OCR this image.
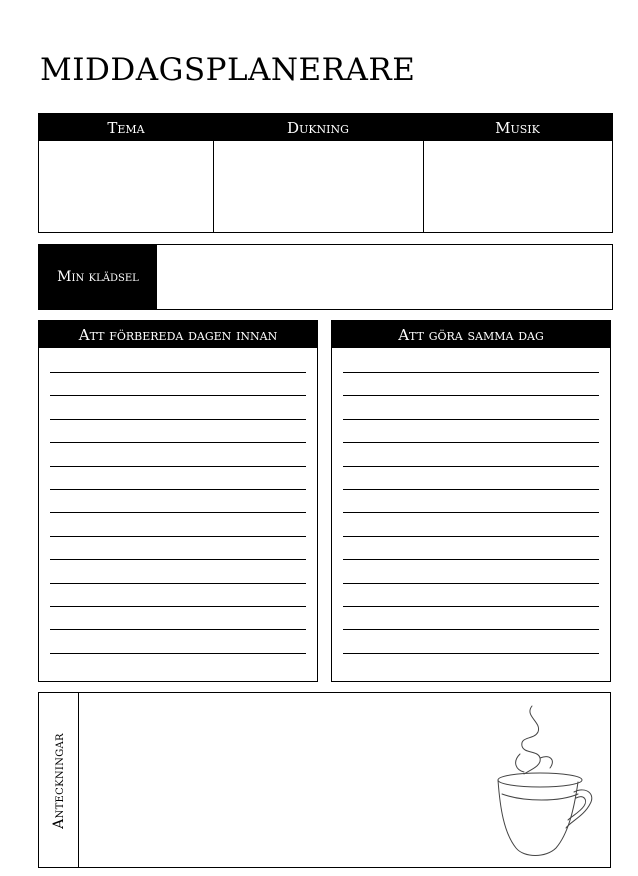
MIDDAGSPLANERARE
Tema	Dukning	Musik
Min klädsel
Att förbereda dagen innan	Att göra samma dag
Anteckningar
